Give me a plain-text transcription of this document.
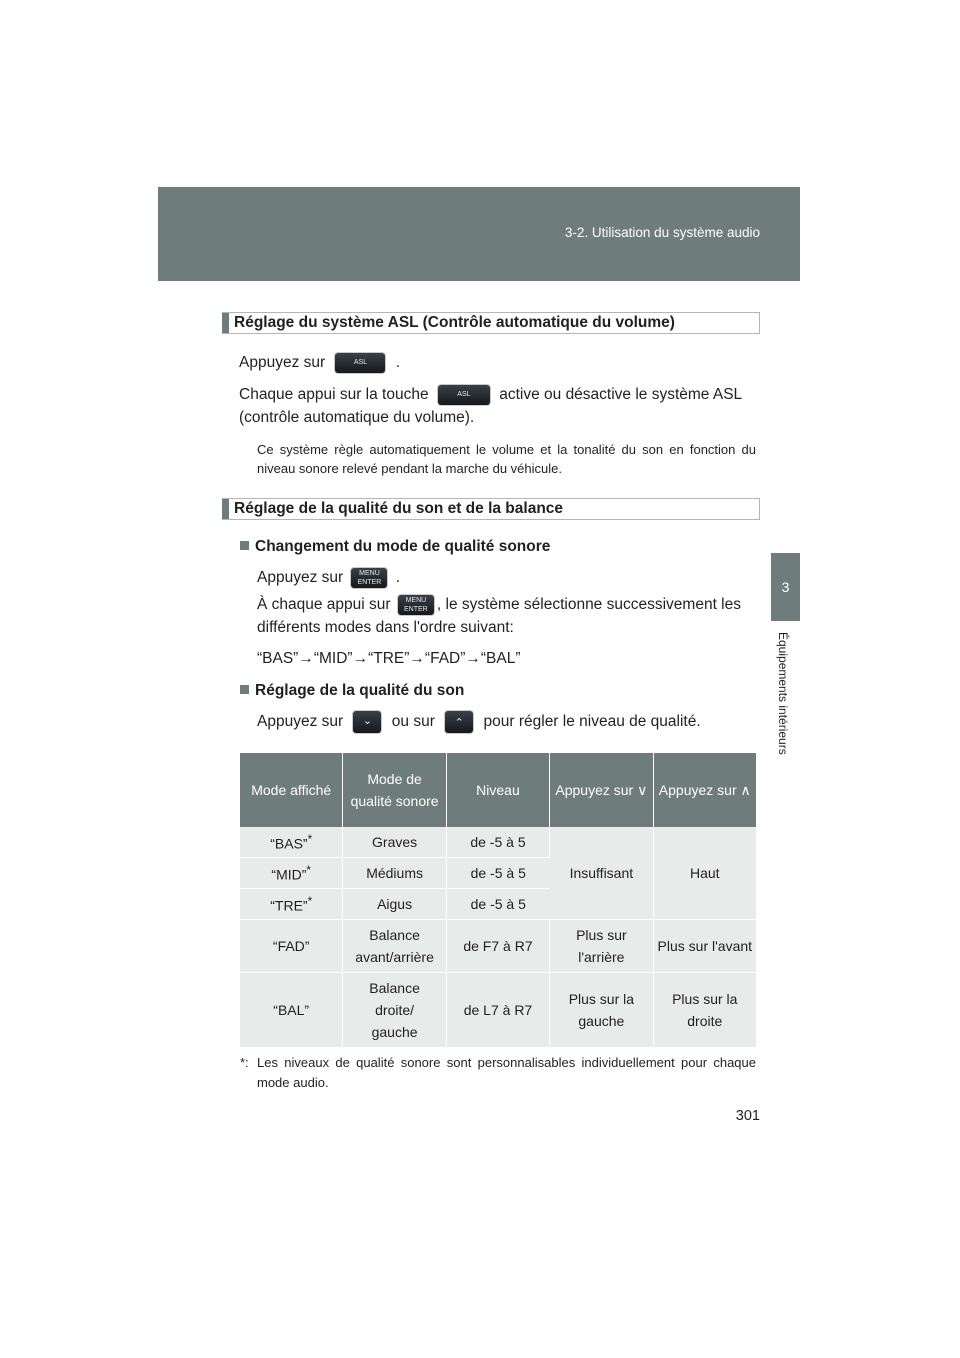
3-2. Utilisation du système audio
3
Équipements intérieurs
Réglage du système ASL (Contrôle automatique du volume)
Appuyez sur	ASL .
Chaque appui sur la touche	ASL active ou désactive le système ASL
(contrôle automatique du volume).
Ce système règle automatiquement le volume et la tonalité du son en fonction du niveau sonore relevé pendant la marche du véhicule.
Réglage de la qualité du son et de la balance
Changement du mode de qualité sonore
Appuyez sur MENU ENTER .
À chaque appui sur MENU ENTER , le système sélectionne successivement les
différents modes dans l'ordre suivant:
“BAS”→“MID”→“TRE”→“FAD”→“BAL”
Réglage de la qualité du son
Appuyez sur ⌄ ou sur ⌃ pour régler le niveau de qualité.
Mode affiché	Mode de qualité sonore	Niveau	Appuyez sur ∨	Appuyez sur ∧
“BAS”*	Graves	de -5 à 5	Insuffisant	Haut
“MID”*	Médiums	de -5 à 5		
“TRE”*	Aigus	de -5 à 5		
“FAD”	Balance avant/arrière	de F7 à R7	Plus sur l'arrière	Plus sur l'avant
“BAL”	Balance droite/ gauche	de L7 à R7	Plus sur la gauche	Plus sur la droite
*: Les niveaux de qualité sonore sont personnalisables individuellement pour chaque mode audio.
301
